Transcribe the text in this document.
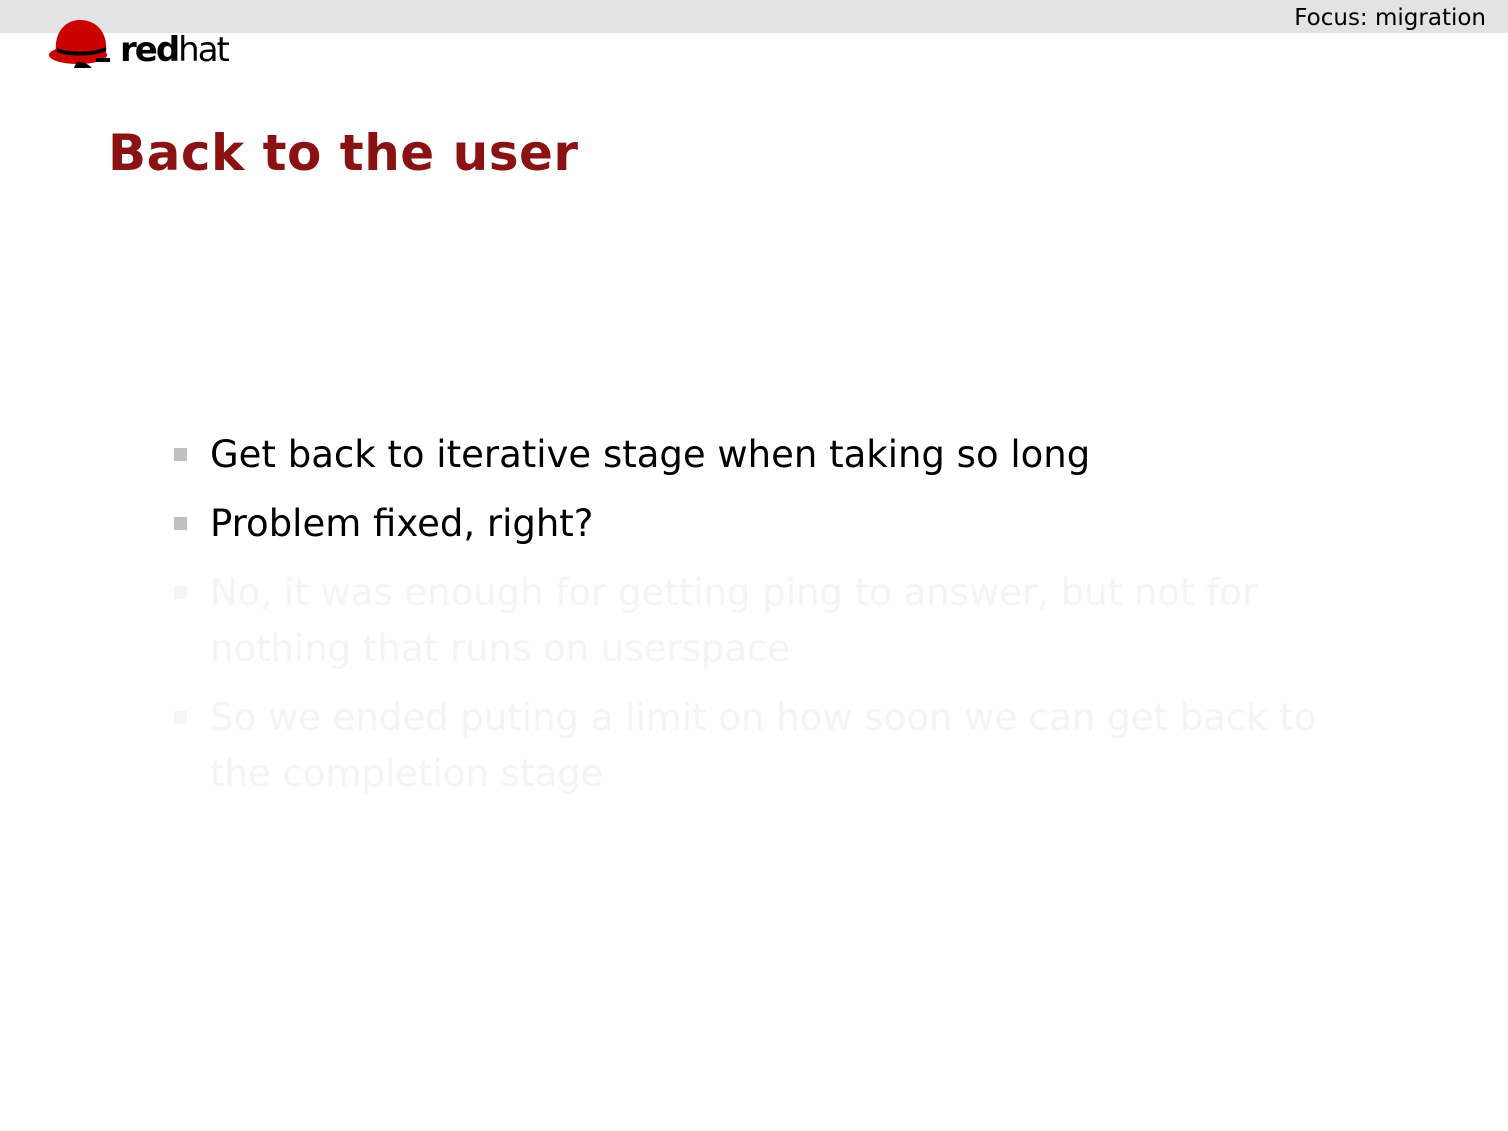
Focus: migration
redhat
Back to the user
Get back to iterative stage when taking so long
Problem fixed, right?
No, it was enough for getting ping to answer, but not for nothing that runs on userspace
So we ended puting a limit on how soon we can get back to the completion stage
